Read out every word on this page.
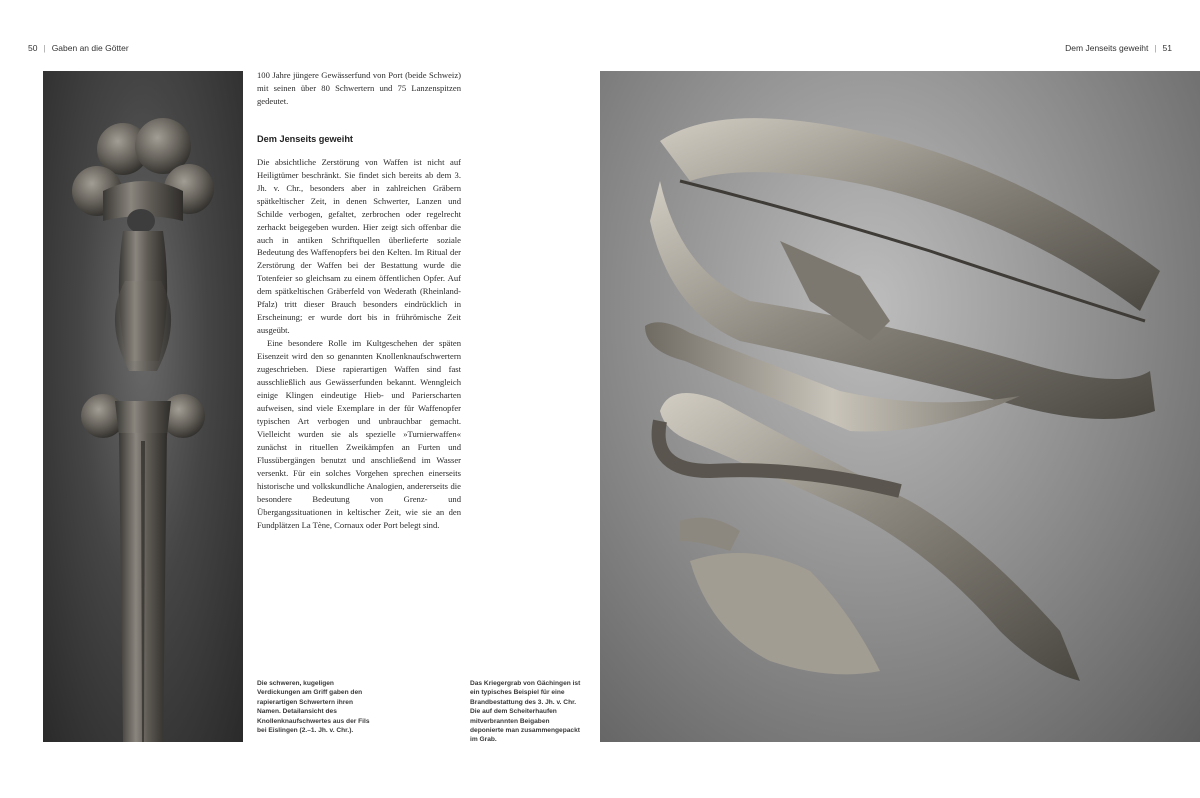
50 | Gaben an die Götter	Dem Jenseits geweiht | 51

100 Jahre jüngere Gewässerfund von Port (beide Schweiz) mit seinen über 80 Schwertern und 75 Lanzenspitzen gedeutet.

Dem Jenseits geweiht

Die absichtliche Zerstörung von Waffen ist nicht auf Heiligtümer beschränkt. Sie findet sich bereits ab dem 3. Jh. v. Chr., besonders aber in zahlreichen Gräbern spätkeltischer Zeit, in denen Schwerter, Lanzen und Schilde verbogen, gefaltet, zerbrochen oder regelrecht zerhackt beigegeben wurden. Hier zeigt sich offenbar die auch in antiken Schriftquellen überlieferte soziale Bedeutung des Waffenopfers bei den Kelten. Im Ritual der Zerstörung der Waffen bei der Bestattung wurde die Totenfeier so gleichsam zu einem öffentlichen Opfer. Auf dem spätkeltischen Gräberfeld von Wederath (Rheinland-Pfalz) tritt dieser Brauch besonders eindrücklich in Erscheinung; er wurde dort bis in frührömische Zeit ausgeübt.

Eine besondere Rolle im Kultgeschehen der späten Eisenzeit wird den so genannten Knollenknaufschwertern zugeschrieben. Diese rapierartigen Waffen sind fast ausschließlich aus Gewässerfunden bekannt. Wenngleich einige Klingen eindeutige Hieb- und Parierscharten aufweisen, sind viele Exemplare in der für Waffenopfer typischen Art verbogen und unbrauchbar gemacht. Vielleicht wurden sie als spezielle »Turnierwaffen« zunächst in rituellen Zweikämpfen an Furten und Flussübergängen benutzt und anschließend im Wasser versenkt. Für ein solches Vorgehen sprechen einerseits historische und volkskundliche Analogien, andererseits die besondere Bedeutung von Grenz- und Übergangssituationen in keltischer Zeit, wie sie an den Fundplätzen La Tène, Cornaux oder Port belegt sind.

Die schweren, kugeligen Verdickungen am Griff gaben den rapierartigen Schwertern ihren Namen. Detailansicht des Knollenknaufschwertes aus der Fils bei Eislingen (2.–1. Jh. v. Chr.).
Das Kriegergrab von Gächingen ist ein typisches Beispiel für eine Brandbestattung des 3. Jh. v. Chr. Die auf dem Scheiterhaufen mitverbrannten Beigaben deponierte man zusammengepackt im Grab.
